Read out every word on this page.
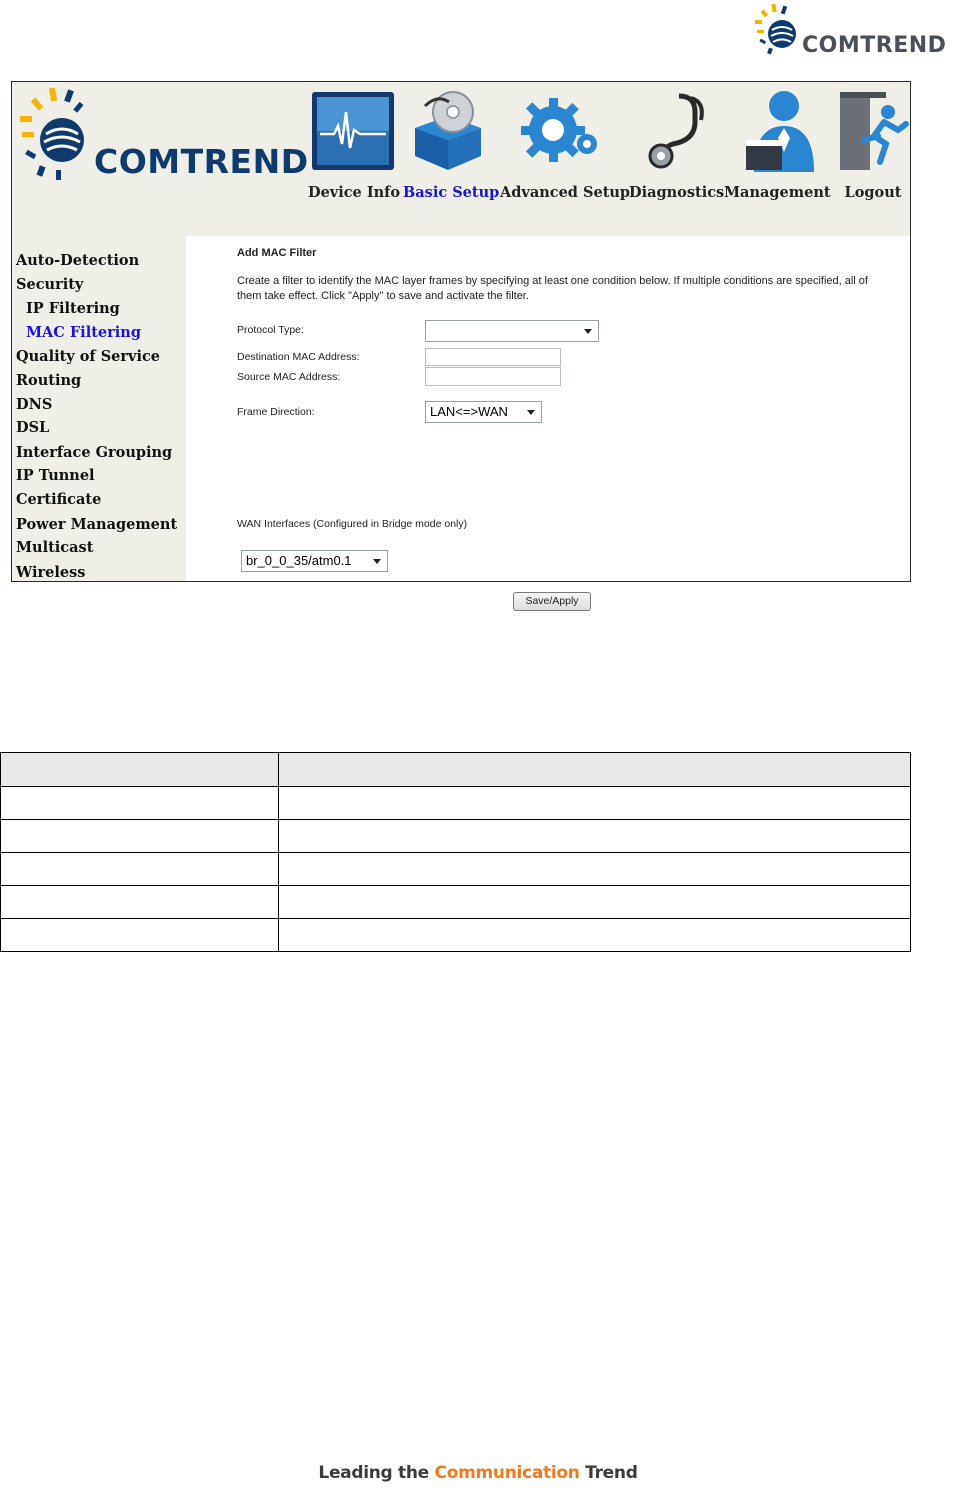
COMTREND
COMTREND
Device Info Basic Setup Advanced Setup
Diagnostics Management Logout
Auto-Detection
Security
IP Filtering
MAC Filtering
Quality of Service
Routing
DNS
DSL
Interface Grouping
IP Tunnel
Certificate
Power Management
Multicast
Wireless
Add MAC Filter
Create a filter to identify the MAC layer frames by specifying at least one condition below. If multiple conditions are specified, all of them take effect. Click "Apply" to save and activate the filter.
Protocol Type:
Destination MAC Address:
Source MAC Address:
Frame Direction:	LAN<=>WAN
WAN Interfaces (Configured in Bridge mode only)
br_0_0_35/atm0.1
Save/Apply

Leading the Communication Trend
